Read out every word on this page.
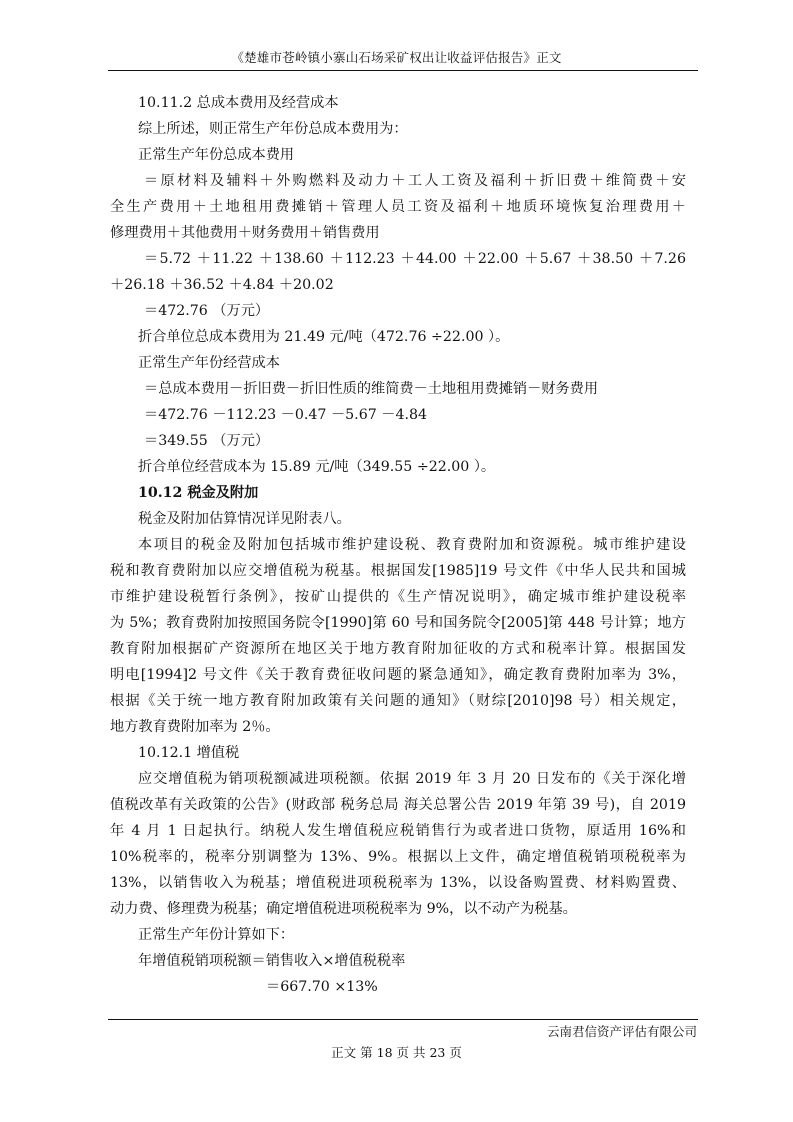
《楚雄市苍岭镇小寨山石场采矿权出让收益评估报告》正文
10.11.2 总成本费用及经营成本
综上所述，则正常生产年份总成本费用为：
正常生产年份总成本费用
＝原材料及辅料＋外购燃料及动力＋工人工资及福利＋折旧费＋维简费＋安
全生产费用＋土地租用费摊销＋管理人员工资及福利＋地质环境恢复治理费用＋
修理费用＋其他费用＋财务费用＋销售费用
＝5.72 ＋11.22 ＋138.60 ＋112.23 ＋44.00 ＋22.00 ＋5.67 ＋38.50 ＋7.26
＋26.18 ＋36.52 ＋4.84 ＋20.02
＝472.76 （万元）
折合单位总成本费用为 21.49 元/吨（472.76 ÷22.00 ）。
正常生产年份经营成本
＝总成本费用－折旧费－折旧性质的维简费－土地租用费摊销－财务费用
＝472.76 －112.23 －0.47 －5.67 －4.84
＝349.55 （万元）
折合单位经营成本为 15.89 元/吨（349.55 ÷22.00 ）。
10.12 税金及附加
税金及附加估算情况详见附表八。
本项目的税金及附加包括城市维护建设税、教育费附加和资源税。城市维护建设
税和教育费附加以应交增值税为税基。根据国发[1985]19 号文件《中华人民共和国城
市维护建设税暂行条例》，按矿山提供的《生产情况说明》，确定城市维护建设税率
为 5%；教育费附加按照国务院令[1990]第 60 号和国务院令[2005]第 448 号计算；地方
教育附加根据矿产资源所在地区关于地方教育附加征收的方式和税率计算。根据国发
明电[1994]2 号文件《关于教育费征收问题的紧急通知》，确定教育费附加率为 3%，
根据《关于统一地方教育附加政策有关问题的通知》（财综[2010]98 号）相关规定，
地方教育费附加率为 2％。
10.12.1 增值税
应交增值税为销项税额减进项税额。依据 2019 年 3 月 20 日发布的《关于深化增
值税改革有关政策的公告》(财政部 税务总局 海关总署公告 2019 年第 39 号)，自 2019
年 4 月 1 日起执行。纳税人发生增值税应税销售行为或者进口货物，原适用 16%和
10%税率的，税率分别调整为 13%、9%。根据以上文件，确定增值税销项税税率为
13%，以销售收入为税基；增值税进项税税率为 13%，以设备购置费、材料购置费、
动力费、修理费为税基；确定增值税进项税税率为 9%，以不动产为税基。
正常生产年份计算如下：
年增值税销项税额＝销售收入×增值税税率
＝667.70 ×13%
云南君信资产评估有限公司
正文 第 18 页 共 23 页
